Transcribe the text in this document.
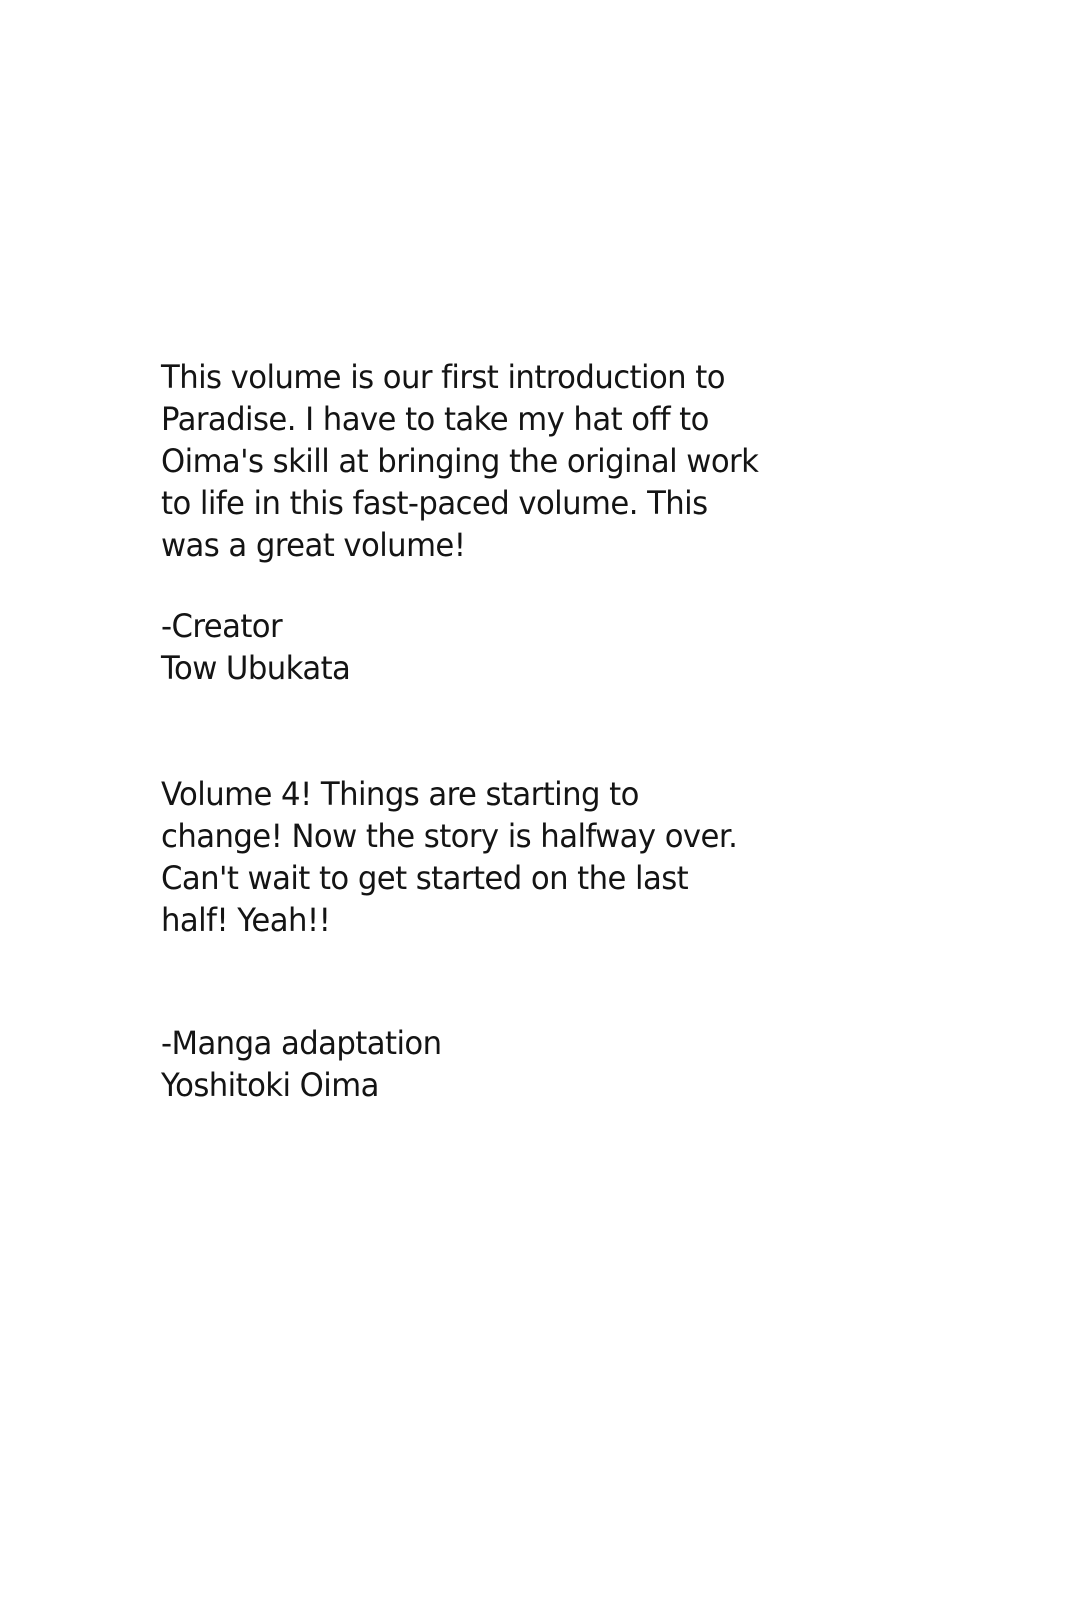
This volume is our first introduction to
Paradise. I have to take my hat off to
Oima's skill at bringing the original work
to life in this fast-paced volume. This
was a great volume!
-Creator
Tow Ubukata
Volume 4! Things are starting to
change! Now the story is halfway over.
Can't wait to get started on the last
half! Yeah!!
-Manga adaptation
Yoshitoki Oima
